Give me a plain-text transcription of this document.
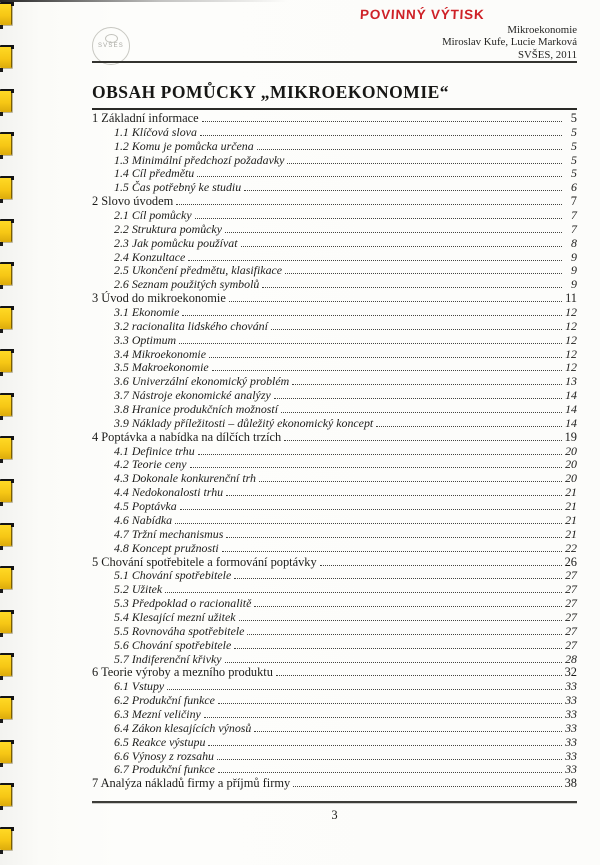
SVŠES
POVINNÝ VÝTISK
Mikroekonomie
Miroslav Kufe, Lucie Marková
SVŠES, 2011
OBSAH POMŮCKY „MIKROEKONOMIE“
1 Základní informace	5
1.1 Klíčová slova	5
1.2 Komu je pomůcka určena	5
1.3 Minimální předchozí požadavky	5
1.4 Cíl předmětu	5
1.5 Čas potřebný ke studiu	6
2 Slovo úvodem	7
2.1 Cíl pomůcky	7
2.2 Struktura pomůcky	7
2.3 Jak pomůcku používat	8
2.4 Konzultace	9
2.5 Ukončení předmětu, klasifikace	9
2.6 Seznam použitých symbolů	9
3 Úvod do mikroekonomie	11
3.1 Ekonomie	12
3.2 racionalita lidského chování	12
3.3 Optimum	12
3.4 Mikroekonomie	12
3.5 Makroekonomie	12
3.6 Univerzální ekonomický problém	13
3.7 Nástroje ekonomické analýzy	14
3.8 Hranice produkčních možností	14
3.9 Náklady příležitosti – důležitý ekonomický koncept	14
4 Poptávka a nabídka na dílčích trzích	19
4.1 Definice trhu	20
4.2 Teorie ceny	20
4.3 Dokonale konkurenční trh	20
4.4 Nedokonalosti trhu	21
4.5 Poptávka	21
4.6 Nabídka	21
4.7 Tržní mechanismus	21
4.8 Koncept pružnosti	22
5 Chování spotřebitele a formování poptávky	26
5.1 Chování spotřebitele	27
5.2 Užitek	27
5.3 Předpoklad o racionalitě	27
5.4 Klesající mezní užitek	27
5.5 Rovnováha spotřebitele	27
5.6 Chování spotřebitele	27
5.7 Indiferenční křivky	28
6 Teorie výroby a mezního produktu	32
6.1 Vstupy	33
6.2 Produkční funkce	33
6.3 Mezní veličiny	33
6.4 Zákon klesajících výnosů	33
6.5 Reakce výstupu	33
6.6 Výnosy z rozsahu	33
6.7 Produkční funkce	33
7 Analýza nákladů firmy a příjmů firmy	38
3
